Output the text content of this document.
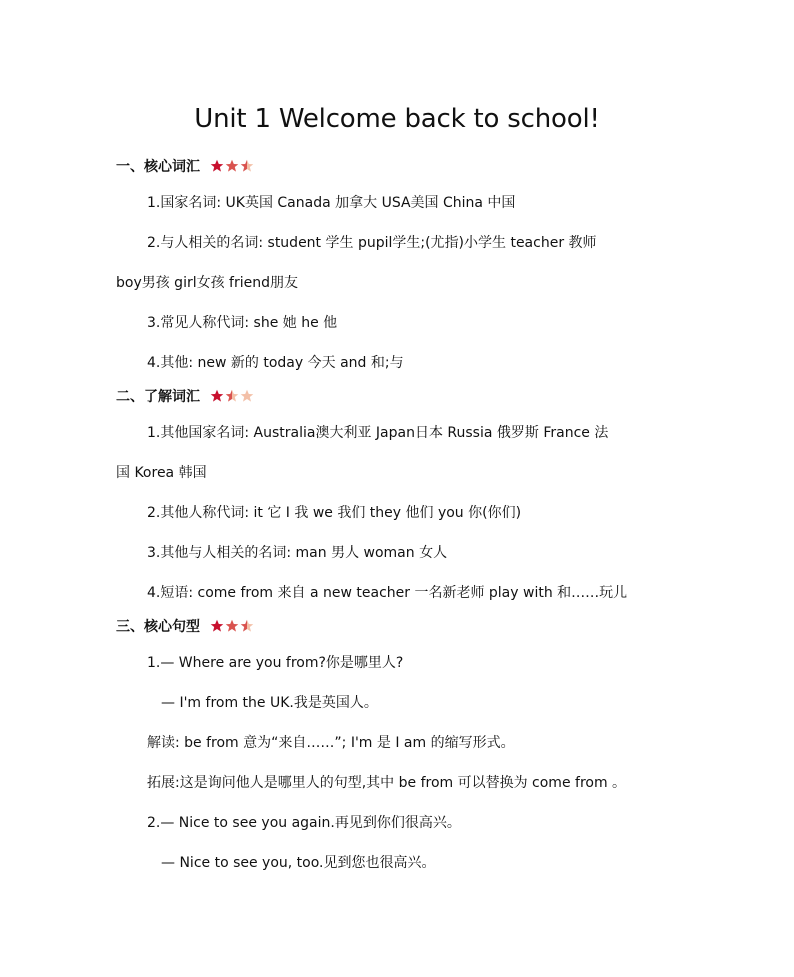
Unit 1 Welcome back to school!
一、核心词汇
1.国家名词: UK英国 Canada 加拿大 USA美国 China 中国
2.与人相关的名词: student 学生 pupil学生;(尤指)小学生 teacher 教师
boy男孩 girl女孩 friend朋友
3.常见人称代词: she 她 he 他
4.其他: new 新的 today 今天 and 和;与
二、了解词汇
1.其他国家名词: Australia澳大利亚 Japan日本 Russia 俄罗斯 France 法
国 Korea 韩国
2.其他人称代词: it 它 I 我 we 我们 they 他们 you 你(你们)
3.其他与人相关的名词: man 男人 woman 女人
4.短语: come from 来自 a new teacher 一名新老师 play with 和……玩儿
三、核心句型
1.— Where are you from?你是哪里人?
— I'm from the UK.我是英国人。
解读: be from 意为“来自……”; I'm 是 I am 的缩写形式。
拓展:这是询问他人是哪里人的句型,其中 be from 可以替换为 come from 。
2.— Nice to see you again.再见到你们很高兴。
— Nice to see you, too.见到您也很高兴。
